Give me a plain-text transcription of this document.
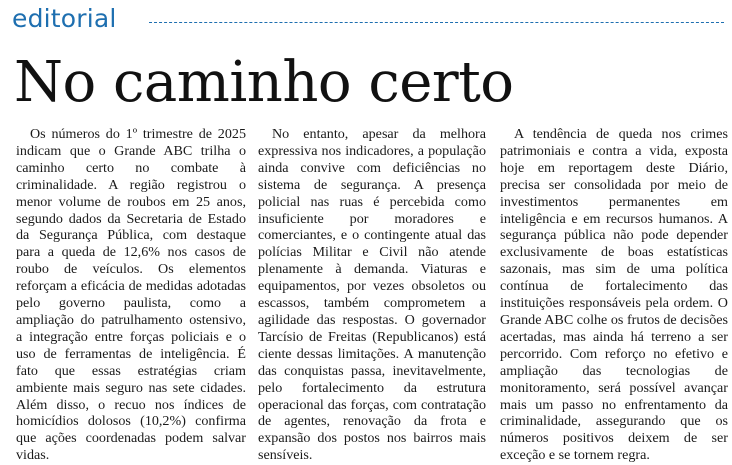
editorial
No caminho certo

Os números do 1º trimestre de 2025 indicam que o Grande ABC trilha o caminho certo no combate à criminalidade. A região registrou o menor volume de roubos em 25 anos, segundo dados da Secretaria de Estado da Segurança Pública, com destaque para a queda de 12,6% nos casos de roubo de veículos. Os elementos reforçam a eficácia de medidas adotadas pelo governo paulista, como a ampliação do patrulhamento ostensivo, a integração entre forças policiais e o uso de ferramentas de inteligência. É fato que essas estratégias criam ambiente mais seguro nas sete cidades. Além disso, o recuo nos índices de homicídios dolosos (10,2%) confirma que ações coordenadas podem salvar vidas.

No entanto, apesar da melhora expressiva nos indicadores, a população ainda convive com deficiências no sistema de segurança. A presença policial nas ruas é percebida como insuficiente por moradores e comerciantes, e o contingente atual das polícias Militar e Civil não atende plenamente à demanda. Viaturas e equipamentos, por vezes obsoletos ou escassos, também comprometem a agilidade das respostas. O governador Tarcísio de Freitas (Republicanos) está ciente dessas limitações. A manutenção das conquistas passa, inevitavelmente, pelo fortalecimento da estrutura operacional das forças, com contratação de agentes, renovação da frota e expansão dos postos nos bairros mais sensíveis.

A tendência de queda nos crimes patrimoniais e contra a vida, exposta hoje em reportagem deste Diário, precisa ser consolidada por meio de investimentos permanentes em inteligência e em recursos humanos. A segurança pública não pode depender exclusivamente de boas estatísticas sazonais, mas sim de uma política contínua de fortalecimento das instituições responsáveis pela ordem. O Grande ABC colhe os frutos de decisões acertadas, mas ainda há terreno a ser percorrido. Com reforço no efetivo e ampliação das tecnologias de monitoramento, será possível avançar mais um passo no enfrentamento da criminalidade, assegurando que os números positivos deixem de ser exceção e se tornem regra.
